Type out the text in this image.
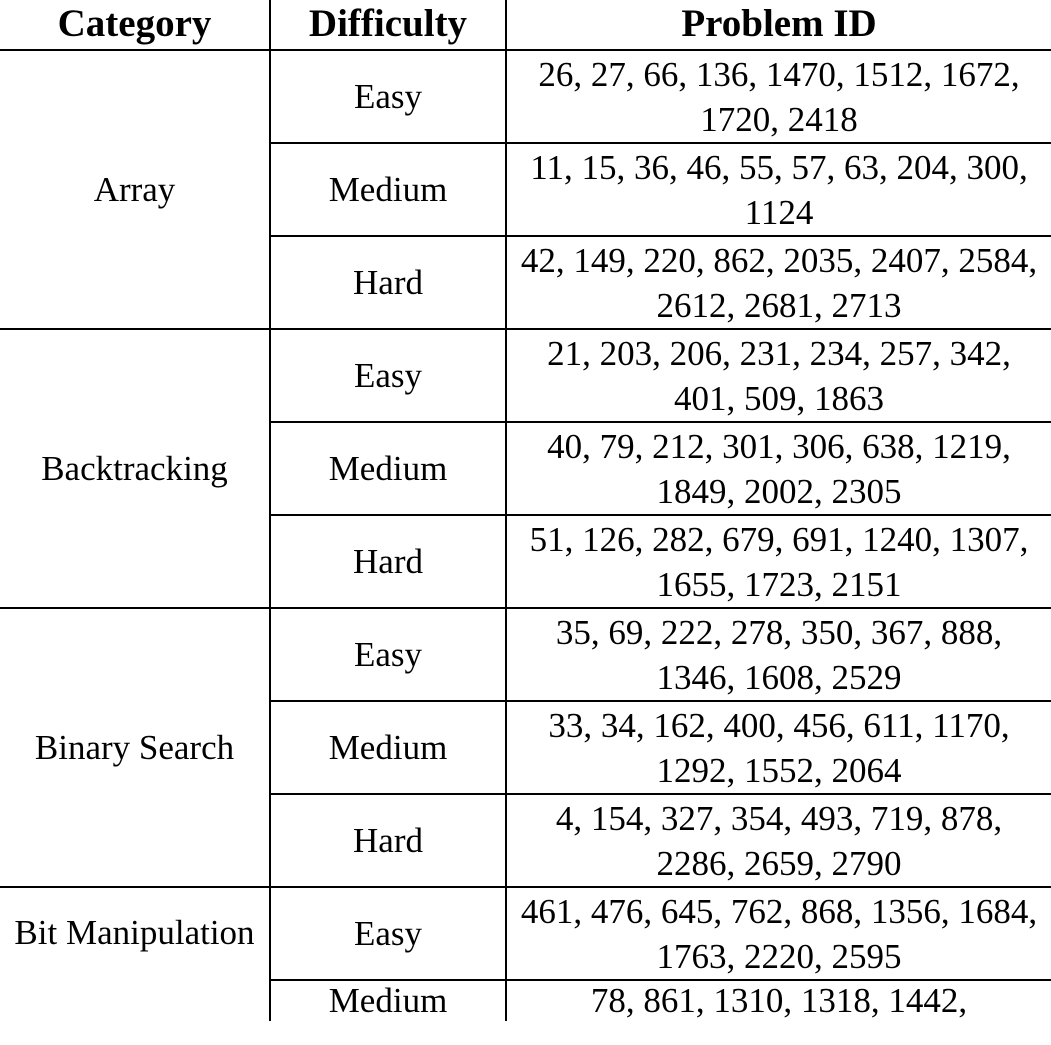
Category	Difficulty	Problem ID
Array	Easy	26, 27, 66, 136, 1470, 1512, 1672, 1720, 2418

	Medium	11, 15, 36, 46, 55, 57, 63, 204, 300, 1124

	Hard	42, 149, 220, 862, 2035, 2407, 2584, 2612, 2681, 2713

Backtracking	Easy	21, 203, 206, 231, 234, 257, 342, 401, 509, 1863

	Medium	40, 79, 212, 301, 306, 638, 1219, 1849, 2002, 2305

	Hard	51, 126, 282, 679, 691, 1240, 1307, 1655, 1723, 2151

Binary Search	Easy	35, 69, 222, 278, 350, 367, 888, 1346, 1608, 2529

	Medium	33, 34, 162, 400, 456, 611, 1170, 1292, 1552, 2064

	Hard	4, 154, 327, 354, 493, 719, 878, 2286, 2659, 2790

Bit Manipulation	Easy	461, 476, 645, 762, 868, 1356, 1684, 1763, 2220, 2595

	Medium	78, 861, 1310, 1318, 1442,
